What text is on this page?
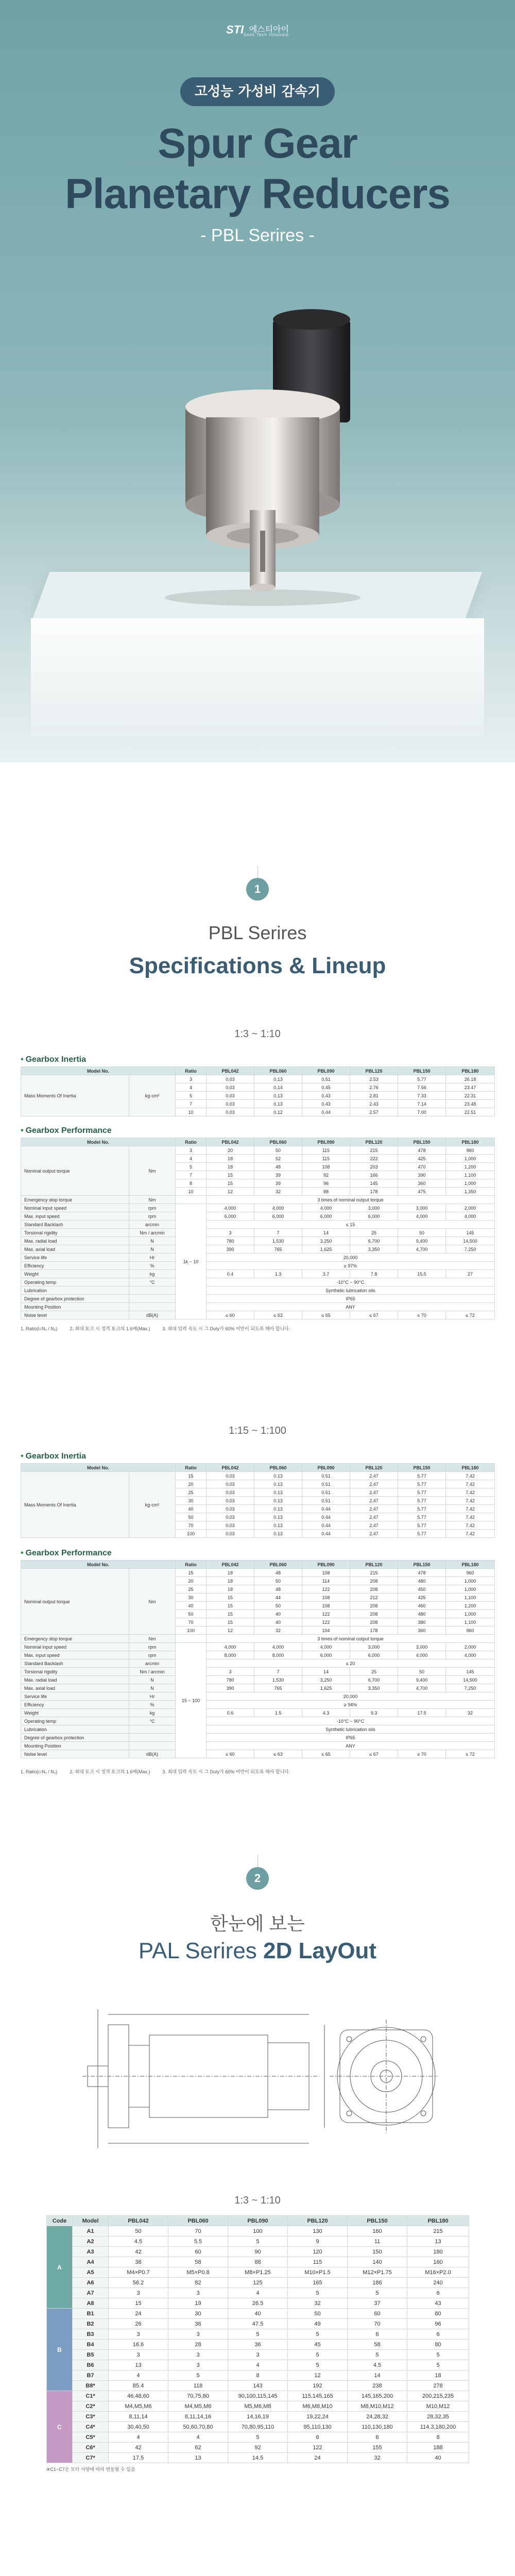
STI 에스티아이
Seek Tech Innovate
고성능 가성비 감속기
Spur Gear
Planetary Reducers
- PBL Serires -
1
PBL Serires
Specifications & Lineup
1:3 ~ 1:10
• Gearbox Inertia
Model No.		Ratio	PBL042	PBL060	PBL090	PBL120	PBL150	PBL180
Mass Moments Of Inertia	kg·cm²	3	0.03	0.13	0.51	2.53	5.77	26.18
		4	0.03	0.14	0.45	2.76	7.56	23.47
		5	0.03	0.13	0.43	2.81	7.33	22.31
		7	0.03	0.13	0.43	2.43	7.14	23.48
		10	0.03	0.12	0.44	2.57	7.00	22.51
• Gearbox Performance
Model No.		Ratio	PBL042	PBL060	PBL090	PBL120	PBL150	PBL180
Nominal output torque	Nm	3	20	50	115	215	478	960
		4	18	52	115	222	425	1,000
		5	18	48	108	203	470	1,200
		7	15	39	92	166	390	1,100
		8	15	39	96	145	360	1,000
		10	12	32	88	178	475	1,350
Emergency stop torque	Nm		3 times of nominal output torque					
Nominal input speed	rpm	1k ~ 10	4,000	4,000	4,000	3,000	3,000	2,000
Max. input speed	rpm		6,000	6,000	6,000	6,000	4,000	4,000
Standard Backlash	arcmin		≤ 15					
Torsional rigidity	Nm / arcmin		3	7	14	25	50	145
Max. radial load	N		780	1,530	3,250	6,700	9,400	14,500
Max. axial load	N		390	765	1,625	3,350	4,700	7,250
Service life	Hr		20,000					
Efficiency	%		≥ 97%					
Weight	kg		0.4	1.3	3.7	7.8	15.5	27
Operating temp	°C		-10°C ~ 90°C					
Lubrication			Synthetic lubrication oils					
Degree of gearbox protection			IP65					
Mounting Position			ANY					
Noise level	dB(A)		≤ 60	≤ 63	≤ 65	≤ 67	≤ 70	≤ 72
1. Ratio(i=N₁ / N₂)	2. 최대 토크 시 정격 토크의 1.6배(Max.)	3. 최대 입력 속도 시 그 Duty가 60% 미만이 되도록 해야 합니다.
1:15 ~ 1:100
• Gearbox Inertia
Model No.		Ratio	PBL042	PBL060	PBL090	PBL120	PBL150	PBL180
Mass Moments Of Inertia	kg·cm²	15	0.03	0.13	0.51	2.47	5.77	7.42
		20	0.03	0.13	0.51	2.47	5.77	7.42
		25	0.03	0.13	0.51	2.47	5.77	7.42
		30	0.03	0.13	0.51	2.47	5.77	7.42
		40	0.03	0.13	0.44	2.47	5.77	7.42
		50	0.03	0.13	0.44	2.47	5.77	7.42
		70	0.03	0.13	0.44	2.47	5.77	7.42
		100	0.03	0.13	0.44	2.47	5.77	7.42
• Gearbox Performance
Model No.		Ratio	PBL042	PBL060	PBL090	PBL120	PBL150	PBL180
Nominal output torque	Nm	15	18	48	108	215	478	960
		20	18	50	114	208	480	1,000
		25	18	48	122	208	450	1,000
		30	15	44	108	212	425	1,100
		40	15	50	108	208	460	1,200
		50	15	40	122	208	480	1,000
		70	15	40	122	208	380	1,100
		100	12	32	104	178	360	960
Emergency stop torque	Nm		3 times of nominal output torque					
Nominal input speed	rpm	15 ~ 100	4,000	4,000	4,000	3,000	3,000	2,000
Max. input speed	rpm		8,000	8,000	6,000	6,000	4,000	4,000
Standard Backlash	arcmin		≤ 20					
Torsional rigidity	Nm / arcmin		3	7	14	25	50	145
Max. radial load	N		780	1,530	3,250	6,700	9,400	14,500
Max. axial load	N		390	765	1,625	3,350	4,700	7,250
Service life	Hr		20,000					
Efficiency	%		≥ 94%					
Weight	kg		0.6	1.5	4.3	9.3	17.5	32
Operating temp	°C		-10°C ~ 90°C					
Lubrication			Synthetic lubrication oils					
Degree of gearbox protection			IP65					
Mounting Position			ANY					
Noise level	dB(A)		≤ 60	≤ 63	≤ 65	≤ 67	≤ 70	≤ 72
1. Ratio(i=N₁ / N₂)	2. 최대 토크 시 정격 토크의 1.6배(Max.)	3. 최대 입력 속도 시 그 Duty가 60% 미만이 되도록 해야 합니다.
2
한눈에 보는
PAL Serires 2D LayOut
1:3 ~ 1:10
Code	Model	PBL042	PBL060	PBL090	PBL120	PBL150	PBL180
A	A1	50	70	100	130	160	215
	A2	4.5	5.5	5	9	11	13
	A3	42	60	90	120	150	180
	A4	38	58	88	115	140	160
	A5	M4×P0.7	M5×P0.8	M8×P1.25	M10×P1.5	M12×P1.75	M16×P2.0
	A6	56.2	82	125	165	186	240
	A7	3	3	4	5	5	6
	A8	15	19	26.5	32	37	43
B	B1	24	30	40	50	60	80
	B2	26	36	47.5	49	70	96
	B3	3	3	5	5	6	6
	B4	16.6	28	36	45	58	80
	B5	3	3	3	5	5	5
	B6	13	3	4	5	4.5	5
	B7	4	5	8	12	14	18
	B8*	85.4	118	143	192	238	278
C	C1*	46,48,60	70,75,80	90,100,115,145	115,145,165	145,165,200	200,215,235
	C2*	M4,M5,M6	M4,M5,M6	M5,M6,M8	M6,M8,M10	M8,M10,M12	M10,M12
	C3*	8,11,14	8,11,14,16	14,16,19	19,22,24	24,28,32	28,32,35
	C4*	30,40,50	50,60,70,80	70,80,95,110	95,110,130	110,130,180	114.3,180,200
	C5*	4	4	5	6	6	8
	C6*	42	62	92	122	155	188
	C7*	17.5	13	14.5	24	32	40
※C1~C7은 모터 사양에 따라 변동될 수 있음
